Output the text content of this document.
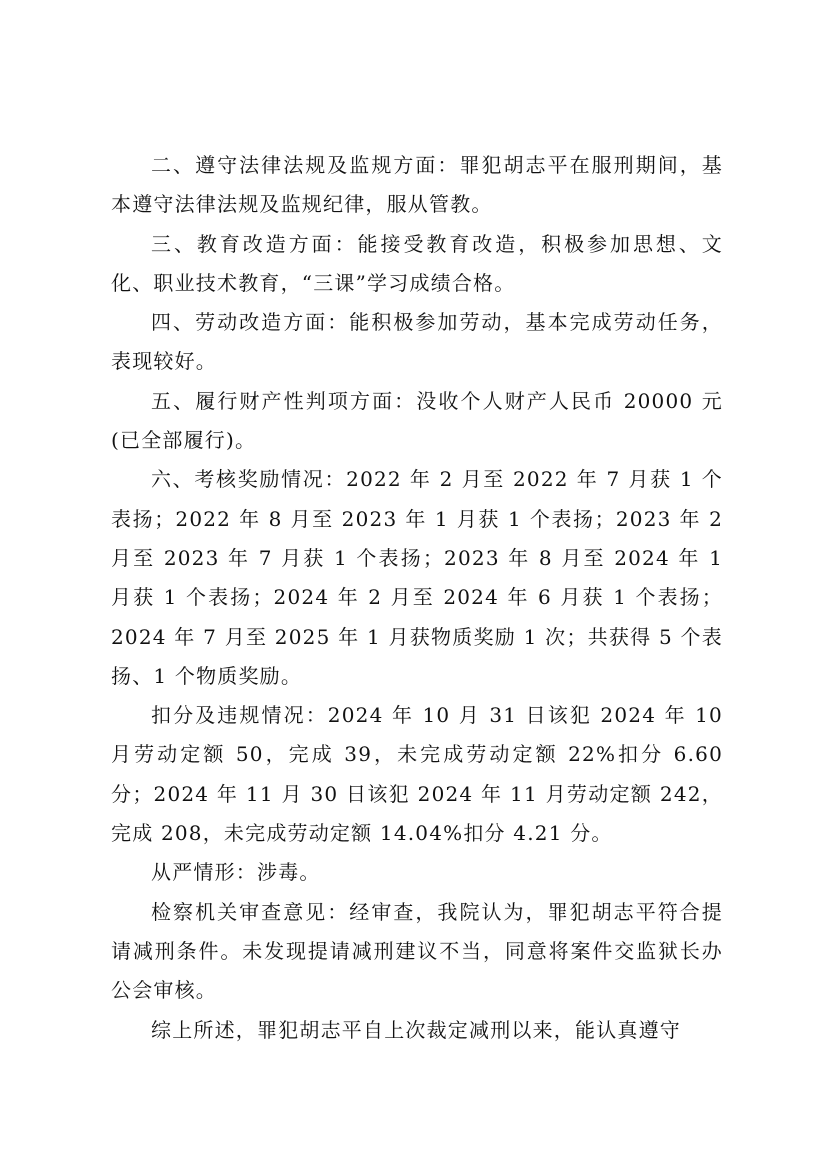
二、遵守法律法规及监规方面：罪犯胡志平在服刑期间，基本遵守法律法规及监规纪律，服从管教。

三、教育改造方面：能接受教育改造，积极参加思想、文化、职业技术教育，“三课”学习成绩合格。

四、劳动改造方面：能积极参加劳动，基本完成劳动任务，表现较好。

五、履行财产性判项方面：没收个人财产人民币 20000 元(已全部履行)。

六、考核奖励情况：2022 年 2 月至 2022 年 7 月获 1 个表扬；2022 年 8 月至 2023 年 1 月获 1 个表扬；2023 年 2 月至 2023 年 7 月获 1 个表扬；2023 年 8 月至 2024 年 1 月获 1 个表扬；2024 年 2 月至 2024 年 6 月获 1 个表扬；2024 年 7 月至 2025 年 1 月获物质奖励 1 次；共获得 5 个表扬、1 个物质奖励。

扣分及违规情况：2024 年 10 月 31 日该犯 2024 年 10 月劳动定额 50，完成 39，未完成劳动定额 22%扣分 6.60 分；2024 年 11 月 30 日该犯 2024 年 11 月劳动定额 242，完成 208，未完成劳动定额 14.04%扣分 4.21 分。

从严情形：涉毒。

检察机关审查意见：经审查，我院认为，罪犯胡志平符合提请减刑条件。未发现提请减刑建议不当，同意将案件交监狱长办公会审核。

综上所述，罪犯胡志平自上次裁定减刑以来，能认真遵守
